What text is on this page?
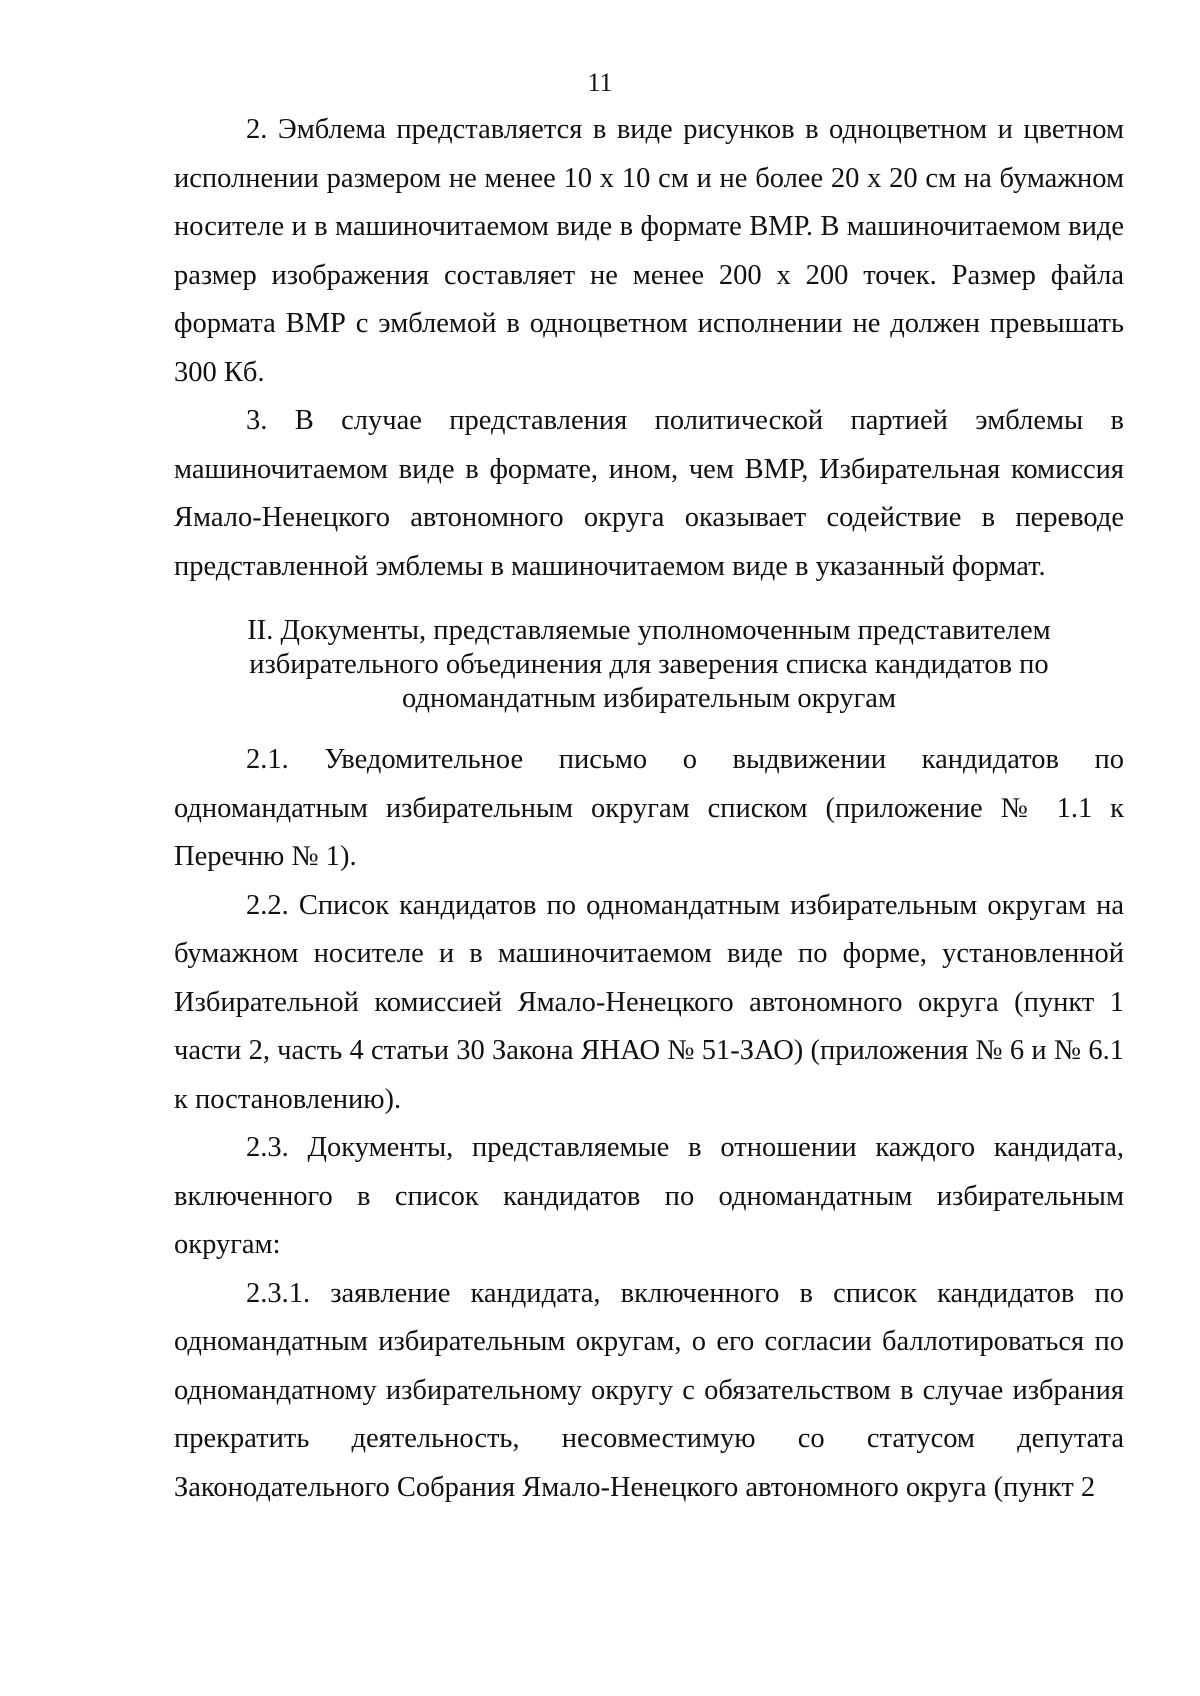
11

2. Эмблема представляется в виде рисунков в одноцветном и цветном исполнении размером не менее 10 х 10 см и не более 20 х 20 см на бумажном носителе и в машиночитаемом виде в формате ВМР. В машиночитаемом виде размер изображения составляет не менее 200 х 200 точек. Размер файла формата ВМР с эмблемой в одноцветном исполнении не должен превышать 300 Кб.

3. В случае представления политической партией эмблемы в машиночитаемом виде в формате, ином, чем ВМР, Избирательная комиссия Ямало-Ненецкого автономного округа оказывает содействие в переводе представленной эмблемы в машиночитаемом виде в указанный формат.

II. Документы, представляемые уполномоченным представителем избирательного объединения для заверения списка кандидатов по одномандатным избирательным округам

2.1. Уведомительное письмо о выдвижении кандидатов по одномандатным избирательным округам списком (приложение № 1.1 к Перечню № 1).

2.2. Список кандидатов по одномандатным избирательным округам на бумажном носителе и в машиночитаемом виде по форме, установленной Избирательной комиссией Ямало-Ненецкого автономного округа (пункт 1 части 2, часть 4 статьи 30 Закона ЯНАО № 51-ЗАО) (приложения № 6 и № 6.1 к постановлению).

2.3. Документы, представляемые в отношении каждого кандидата, включенного в список кандидатов по одномандатным избирательным округам:

2.3.1. заявление кандидата, включенного в список кандидатов по одномандатным избирательным округам, о его согласии баллотироваться по одномандатному избирательному округу с обязательством в случае избрания прекратить деятельность, несовместимую со статусом депутата Законодательного Собрания Ямало-Ненецкого автономного округа (пункт 2
